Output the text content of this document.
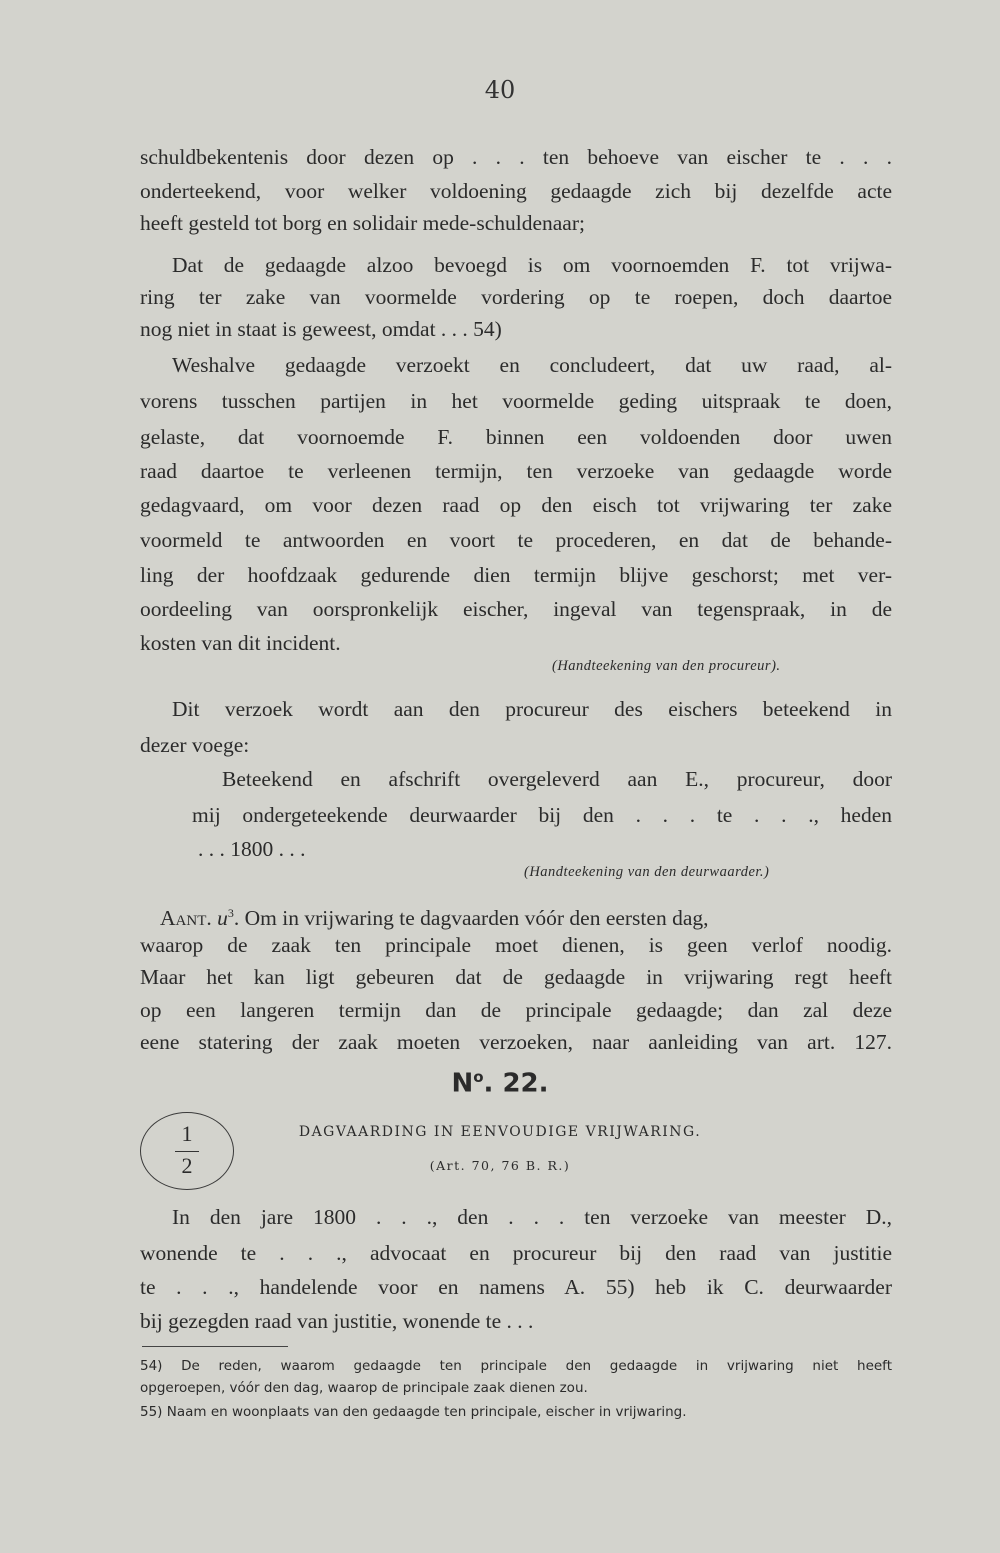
40
schuldbekentenis door dezen op . . . ten behoeve van eischer te . . .
onderteekend, voor welker voldoening gedaagde zich bij dezelfde acte
heeft gesteld tot borg en solidair mede-schuldenaar;
Dat de gedaagde alzoo bevoegd is om voornoemden F. tot vrijwa-
ring ter zake van voormelde vordering op te roepen, doch daartoe
nog niet in staat is geweest, omdat . . . 54)
Weshalve gedaagde verzoekt en concludeert, dat uw raad, al-
vorens tusschen partijen in het voormelde geding uitspraak te doen,
gelaste, dat voornoemde F. binnen een voldoenden door uwen
raad daartoe te verleenen termijn, ten verzoeke van gedaagde worde
gedagvaard, om voor dezen raad op den eisch tot vrijwaring ter zake
voormeld te antwoorden en voort te procederen, en dat de behande-
ling der hoofdzaak gedurende dien termijn blijve geschorst; met ver-
oordeeling van oorspronkelijk eischer, ingeval van tegenspraak, in de
kosten van dit incident.
(Handteekening van den procureur).
Dit verzoek wordt aan den procureur des eischers beteekend in
dezer voege:
Beteekend en afschrift overgeleverd aan E., procureur, door
mij ondergeteekende deurwaarder bij den . . . te . . ., heden
. . . 1800 . . .
(Handteekening van den deurwaarder.)
Aant. $u^3$. Om in vrijwaring te dagvaarden vóór den eersten dag,
waarop de zaak ten principale moet dienen, is geen verlof noodig.
Maar het kan ligt gebeuren dat de gedaagde in vrijwaring regt heeft
op een langeren termijn dan de principale gedaagde; dan zal deze
eene statering der zaak moeten verzoeken, naar aanleiding van art. 127.
$N^o$. 22.
DAGVAARDING IN EENVOUDIGE VRIJWARING.
(Art. 70, 76 B. R.)
1
2
In den jare 1800 . . ., den . . . ten verzoeke van meester D.,
wonende te . . ., advocaat en procureur bij den raad van justitie
te . . ., handelende voor en namens A. 55) heb ik C. deurwaarder
bij gezegden raad van justitie, wonende te . . .
54) De reden, waarom gedaagde ten principale den gedaagde in vrijwaring niet heeft
opgeroepen, vóór den dag, waarop de principale zaak dienen zou.
55) Naam en woonplaats van den gedaagde ten principale, eischer in vrijwaring.
